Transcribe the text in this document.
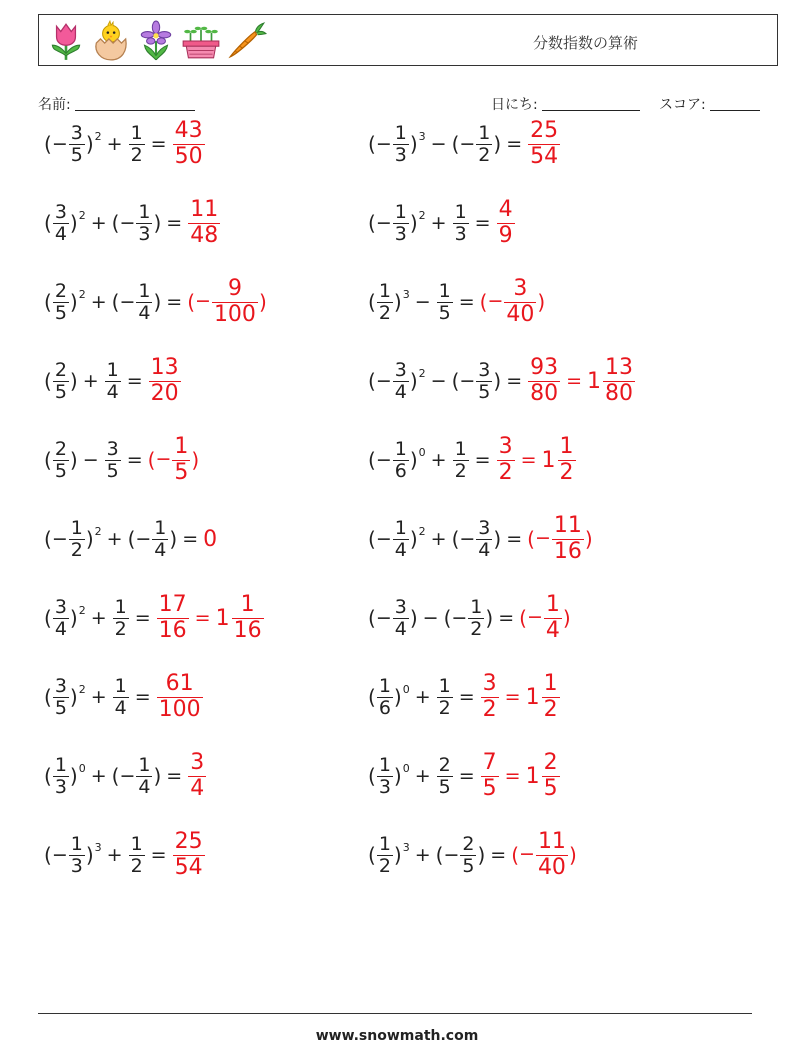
分数指数の算術
名前:	日にち:	スコア:
( − $\frac{3}{5}$ ) $^2 + \frac{1}{2} = \frac{43}{50}$	( − $\frac{1}{3}$ ) $^3$ − ( − $\frac{1}{2}$ ) = $\frac{25}{54}$
( $\frac{3}{4}$ ) $^2$ + ( − $\frac{1}{3}$ ) = $\frac{11}{48}$	( − $\frac{1}{3}$ ) $^2 + \frac{1}{3} = \frac{4}{9}$
( $\frac{2}{5}$ ) $^2$ + ( − $\frac{1}{4}$ ) = ( − $\frac{9}{100}$ )	( $\frac{1}{2}$ ) $^3 - \frac{1}{5}$ = ( − $\frac{3}{40}$ )
( $\frac{2}{5}$ ) + $\frac{1}{4} = \frac{13}{20}$	( − $\frac{3}{4}$ ) $^2$ − ( − $\frac{3}{5}$ ) = $\frac{93}{80} = 1 \frac{13}{80}$
( $\frac{2}{5}$ ) − $\frac{3}{5}$ = ( − $\frac{1}{5}$ )	( − $\frac{1}{6}$ ) $^0 + \frac{1}{2} = \frac{3}{2} = 1 \frac{1}{2}$
( − $\frac{1}{2}$ ) $^2$ + ( − $\frac{1}{4}$ ) = 0	( − $\frac{1}{4}$ ) $^2$ + ( − $\frac{3}{4}$ ) = ( − $\frac{11}{16}$ )
( $\frac{3}{4}$ ) $^2 + \frac{1}{2} = \frac{17}{16} = 1 \frac{1}{16}$	( − $\frac{3}{4}$ ) − ( − $\frac{1}{2}$ ) = ( − $\frac{1}{4}$ )
( $\frac{3}{5}$ ) $^2 + \frac{1}{4} = \frac{61}{100}$	( $\frac{1}{6}$ ) $^0 + \frac{1}{2} = \frac{3}{2} = 1 \frac{1}{2}$
( $\frac{1}{3}$ ) $^0$ + ( − $\frac{1}{4}$ ) = $\frac{3}{4}$	( $\frac{1}{3}$ ) $^0 + \frac{2}{5} = \frac{7}{5} = 1 \frac{2}{5}$
( − $\frac{1}{3}$ ) $^3 + \frac{1}{2} = \frac{25}{54}$	( $\frac{1}{2}$ ) $^3$ + ( − $\frac{2}{5}$ ) = ( − $\frac{11}{40}$ )
www.snowmath.com
